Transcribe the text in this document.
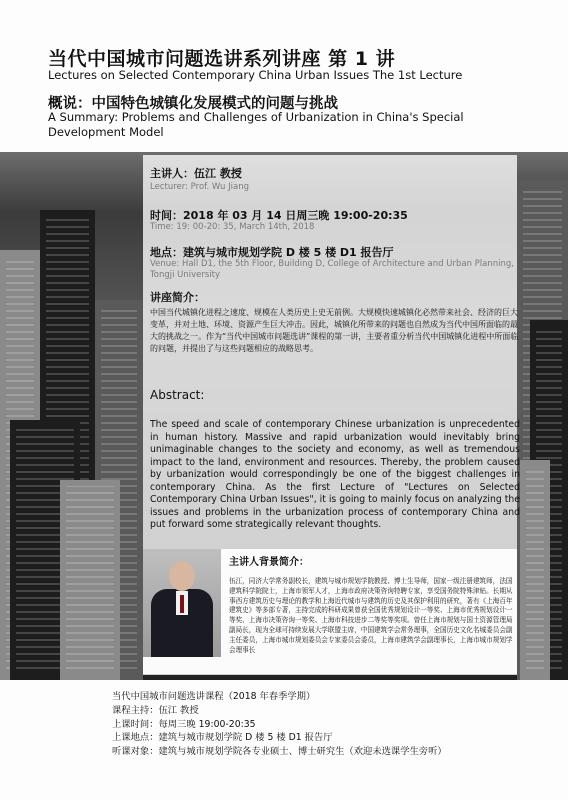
当代中国城市问题选讲系列讲座 第 1 讲
Lectures on Selected Contemporary China Urban Issues The 1st Lecture
概说：中国特色城镇化发展模式的问题与挑战
A Summary: Problems and Challenges of Urbanization in China's Special Development Model
主讲人：伍江 教授
Lecturer: Prof. Wu Jiang
时间：2018 年 03 月 14 日周三晚 19:00-20:35
Time: 19: 00-20: 35, March 14th, 2018
地点：建筑与城市规划学院 D 楼 5 楼 D1 报告厅
Venue: Hall D1, the 5th Floor, Building D, College of Architecture and Urban Planning, Tongji University
讲座简介：
中国当代城镇化进程之速度、规模在人类历史上史无前例。大规模快速城镇化必然带来社会、经济的巨大变革，并对土地、环境、资源产生巨大冲击。因此，城镇化所带来的问题也自然成为当代中国所面临的最大的挑战之一。作为“当代中国城市问题选讲”课程的第一讲，主要者重分析当代中国城镇化进程中所面临的问题，并提出了与这些问题相应的战略思考。
Abstract:
The speed and scale of contemporary Chinese urbanization is unprecedented in human history. Massive and rapid urbanization would inevitably bring unimaginable changes to the society and economy, as well as tremendous impact to the land, environment and resources. Thereby, the problem caused by urbanization would correspondingly be one of the biggest challenges in contemporary China. As the first Lecture of "Lectures on Selected Contemporary China Urban Issues", it is going to mainly focus on analyzing the issues and problems in the urbanization process of contemporary China and put forward some strategically relevant thoughts.
主讲人背景简介：
伍江，同济大学常务副校长，建筑与城市规划学院教授、博士生导师，国家一级注册建筑师，法国建筑科学院院士，上海市领军人才，上海市政府决策咨询特聘专家，享受国务院特殊津贴。长期从事西方建筑历史与理论的教学和上海近代城市与建筑的历史及其保护利用的研究，著有《上海百年建筑史》等多部专著，主持完成的科研成果曾获全国优秀规划设计一等奖、上海市优秀规划设计一等奖、上海市决策咨询一等奖、上海市科技进步二等奖等奖项。曾任上海市规划与国土资源管理局副局长，现为全球可持续发展大学联盟主席，中国建筑学会常务理事，全国历史文化名城委员会副主任委员，上海市城市规划委员会专家委员会委员，上海市建筑学会副理事长，上海市城市规划学会理事长
当代中国城市问题选讲课程（2018 年春季学期）
课程主持：伍江 教授
上课时间：每周三晚 19:00-20:35
上课地点：建筑与城市规划学院 D 楼 5 楼 D1 报告厅
听课对象：建筑与城市规划学院各专业硕士、博士研究生（欢迎未选课学生旁听）
